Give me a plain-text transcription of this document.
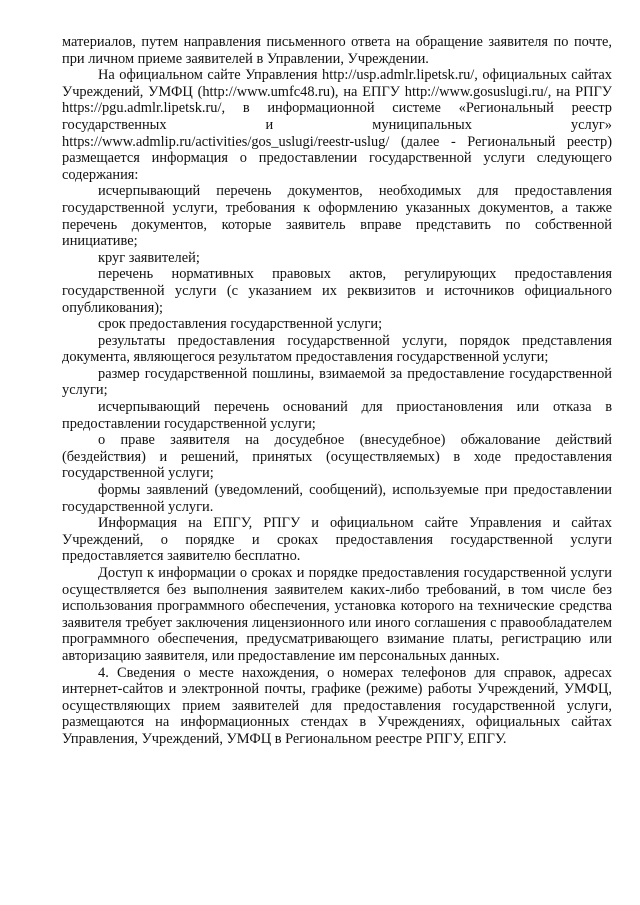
материалов, путем направления письменного ответа на обращение заявителя по почте, при личном приеме заявителей в Управлении, Учреждении.

На официальном сайте Управления http://usp.admlr.lipetsk.ru/, официальных сайтах Учреждений, УМФЦ (http://www.umfc48.ru), на ЕПГУ http://www.gosuslugi.ru/, на РПГУ https://pgu.admlr.lipetsk.ru/, в информационной системе «Региональный реестр государственных и муниципальных услуг» https://www.admlip.ru/activities/gos_uslugi/reestr-uslug/ (далее - Региональный реестр) размещается информация о предоставлении государственной услуги следующего содержания:

исчерпывающий перечень документов, необходимых для предоставления государственной услуги, требования к оформлению указанных документов, а также перечень документов, которые заявитель вправе представить по собственной инициативе;

круг заявителей;

перечень нормативных правовых актов, регулирующих предоставления государственной услуги (с указанием их реквизитов и источников официального опубликования);

срок предоставления государственной услуги;

результаты предоставления государственной услуги, порядок представления документа, являющегося результатом предоставления государственной услуги;

размер государственной пошлины, взимаемой за предоставление государственной услуги;

исчерпывающий перечень оснований для приостановления или отказа в предоставлении государственной услуги;

о праве заявителя на досудебное (внесудебное) обжалование действий (бездействия) и решений, принятых (осуществляемых) в ходе предоставления государственной услуги;

формы заявлений (уведомлений, сообщений), используемые при предоставлении государственной услуги.

Информация на ЕПГУ, РПГУ и официальном сайте Управления и сайтах Учреждений, о порядке и сроках предоставления государственной услуги предоставляется заявителю бесплатно.

Доступ к информации о сроках и порядке предоставления государственной услуги осуществляется без выполнения заявителем каких-либо требований, в том числе без использования программного обеспечения, установка которого на технические средства заявителя требует заключения лицензионного или иного соглашения с правообладателем программного обеспечения, предусматривающего взимание платы, регистрацию или авторизацию заявителя, или предоставление им персональных данных.

4. Сведения о месте нахождения, о номерах телефонов для справок, адресах интернет-сайтов и электронной почты, графике (режиме) работы Учреждений, УМФЦ, осуществляющих прием заявителей для предоставления государственной услуги, размещаются на информационных стендах в Учреждениях, официальных сайтах Управления, Учреждений, УМФЦ в Региональном реестре РПГУ, ЕПГУ.
